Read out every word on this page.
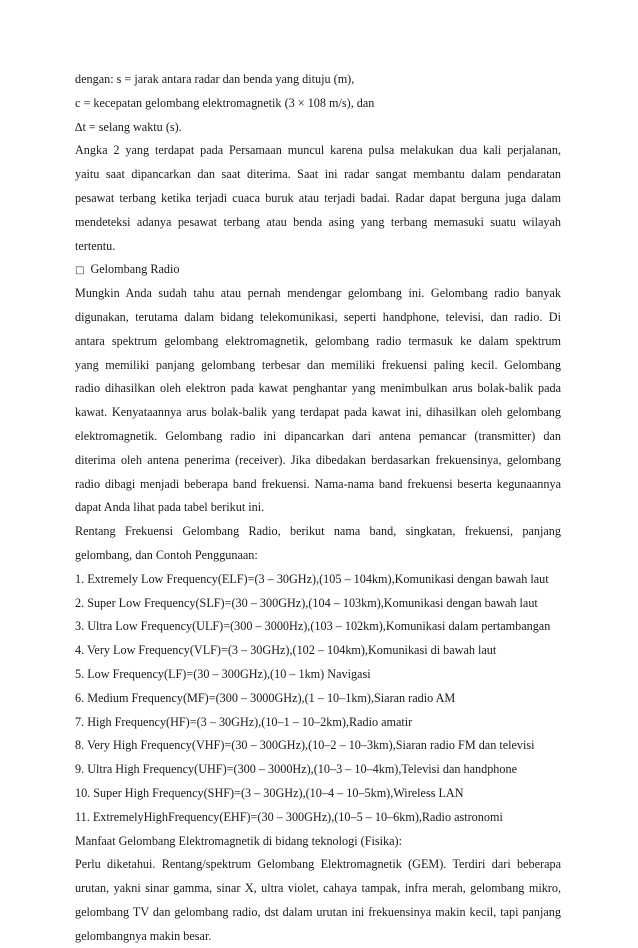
dengan: s = jarak antara radar dan benda yang dituju (m),
c = kecepatan gelombang elektromagnetik (3 × 108 m/s), dan
∆t = selang waktu (s).
Angka 2 yang terdapat pada Persamaan muncul karena pulsa melakukan dua kali perjalanan,
yaitu saat dipancarkan dan saat diterima. Saat ini radar sangat membantu dalam pendaratan
pesawat terbang ketika terjadi cuaca buruk atau terjadi badai. Radar dapat berguna juga dalam
mendeteksi adanya pesawat terbang atau benda asing yang terbang memasuki suatu wilayah
tertentu.
□ Gelombang Radio
Mungkin Anda sudah tahu atau pernah mendengar gelombang ini. Gelombang radio banyak
digunakan, terutama dalam bidang telekomunikasi, seperti handphone, televisi, dan radio. Di
antara spektrum gelombang elektromagnetik, gelombang radio termasuk ke dalam spektrum
yang memiliki panjang gelombang terbesar dan memiliki frekuensi paling kecil. Gelombang
radio dihasilkan oleh elektron pada kawat penghantar yang menimbulkan arus bolak-balik pada
kawat. Kenyataannya arus bolak-balik yang terdapat pada kawat ini, dihasilkan oleh gelombang
elektromagnetik. Gelombang radio ini dipancarkan dari antena pemancar (transmitter) dan
diterima oleh antena penerima (receiver). Jika dibedakan berdasarkan frekuensinya, gelombang
radio dibagi menjadi beberapa band frekuensi. Nama-nama band frekuensi beserta kegunaannya
dapat Anda lihat pada tabel berikut ini.
Rentang Frekuensi Gelombang Radio, berikut nama band, singkatan, frekuensi, panjang
gelombang, dan Contoh Penggunaan:
1. Extremely Low Frequency(ELF)=(3 – 30GHz),(105 – 104km),Komunikasi dengan bawah laut
2. Super Low Frequency(SLF)=(30 – 300GHz),(104 – 103km),Komunikasi dengan bawah laut
3. Ultra Low Frequency(ULF)=(300 – 3000Hz),(103 – 102km),Komunikasi dalam pertambangan
4. Very Low Frequency(VLF)=(3 – 30GHz),(102 – 104km),Komunikasi di bawah laut
5. Low Frequency(LF)=(30 – 300GHz),(10 – 1km) Navigasi
6. Medium Frequency(MF)=(300 – 3000GHz),(1 – 10–1km),Siaran radio AM
7. High Frequency(HF)=(3 – 30GHz),(10–1 – 10–2km),Radio amatir
8. Very High Frequency(VHF)=(30 – 300GHz),(10–2 – 10–3km),Siaran radio FM dan televisi
9. Ultra High Frequency(UHF)=(300 – 3000Hz),(10–3 – 10–4km),Televisi dan handphone
10. Super High Frequency(SHF)=(3 – 30GHz),(10–4 – 10–5km),Wireless LAN
11. ExtremelyHighFrequency(EHF)=(30 – 300GHz),(10–5 – 10–6km),Radio astronomi
Manfaat Gelombang Elektromagnetik di bidang teknologi (Fisika):
Perlu diketahui. Rentang/spektrum Gelombang Elektromagnetik (GEM). Terdiri dari beberapa
urutan, yakni sinar gamma, sinar X, ultra violet, cahaya tampak, infra merah, gelombang mikro,
gelombang TV dan gelombang radio, dst dalam urutan ini frekuensinya makin kecil, tapi panjang
gelombangnya makin besar.
